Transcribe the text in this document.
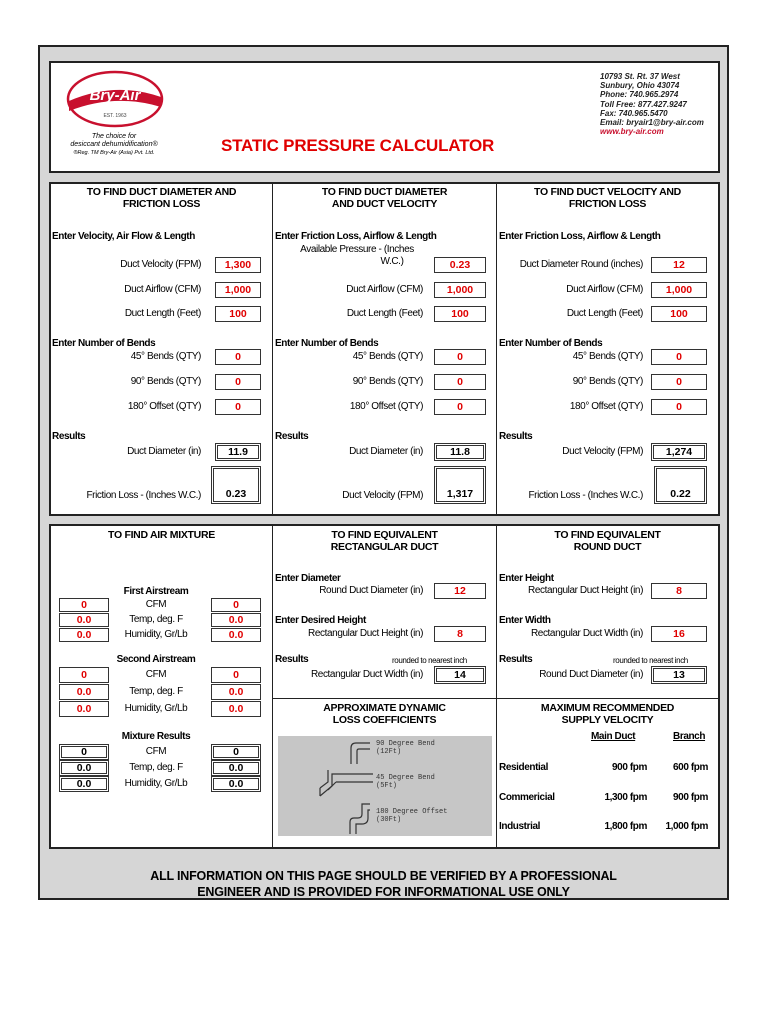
Bry-Air
EST. 1963
The choice for
desiccant dehumidification®
®Reg. TM Bry-Air (Asia) Pvt. Ltd.	STATIC PRESSURE CALCULATOR
10793 St. Rt. 37 West
Sunbury, Ohio 43074
Phone: 740.965.2974
Toll Free: 877.427.9247
Fax: 740.965.5470
Email: bryair1@bry-air.com
www.bry-air.com
TO FIND DUCT DIAMETER AND
FRICTION LOSS
Enter Velocity, Air Flow & Length
Duct Velocity (FPM)	1,300
Duct Airflow (CFM)	1,000
Duct Length (Feet)	100
Enter Number of Bends
45° Bends (QTY)	0
90° Bends (QTY)	0
180° Offset (QTY)	0
Results
Duct Diameter (in)	11.9
Friction Loss - (Inches W.C.)	0.23
TO FIND DUCT DIAMETER
AND DUCT VELOCITY
Enter Friction Loss, Airflow & Length
Available Pressure - (Inches
W.C.)	0.23
Duct Airflow (CFM)	1,000
Duct Length (Feet)	100
Enter Number of Bends
45° Bends (QTY)	0
90° Bends (QTY)	0
180° Offset (QTY)	0
Results
Duct Diameter (in)	11.8
Duct Velocity (FPM)	1,317
TO FIND DUCT VELOCITY AND
FRICTION LOSS
Enter Friction Loss, Airflow & Length
Duct Diameter Round (inches)	12
Duct Airflow (CFM)	1,000
Duct Length (Feet)	100
Enter Number of Bends
45° Bends (QTY)	0
90° Bends (QTY)	0
180° Offset (QTY)	0
Results
Duct Velocity (FPM)	1,274
Friction Loss - (Inches W.C.)	0.22
TO FIND AIR MIXTURE
First Airstream
0	CFM	0
0.0	Temp, deg. F	0.0
0.0	Humidity, Gr/Lb	0.0
Second Airstream
0	CFM	0
0.0	Temp, deg. F	0.0
0.0	Humidity, Gr/Lb	0.0
Mixture Results
0	CFM	0
0.0	Temp, deg. F	0.0
0.0	Humidity, Gr/Lb	0.0
TO FIND EQUIVALENT
RECTANGULAR DUCT
Enter Diameter
Round Duct Diameter (in)	12
Enter Desired Height
Rectangular Duct Height (in)	8
Results	rounded to nearest inch
Rectangular Duct Width (in)	14
TO FIND EQUIVALENT
ROUND DUCT
Enter Height
Rectangular Duct Height (in)	8
Enter Width
Rectangular Duct Width (in)	16
Results	rounded to nearest inch
Round Duct Diameter (in)	13
APPROXIMATE DYNAMIC
LOSS COEFFICIENTS
90 Degree Bend
(12Ft)
45 Degree Bend
(5Ft)
180 Degree Offset
(30Ft)
MAXIMUM RECOMMENDED
SUPPLY VELOCITY
Main Duct	Branch
Residential	900 fpm	600 fpm
Commericial	1,300 fpm	900 fpm
Industrial	1,800 fpm	1,000 fpm
ALL INFORMATION ON THIS PAGE SHOULD BE VERIFIED BY A PROFESSIONAL
ENGINEER AND IS PROVIDED FOR INFORMATIONAL USE ONLY
